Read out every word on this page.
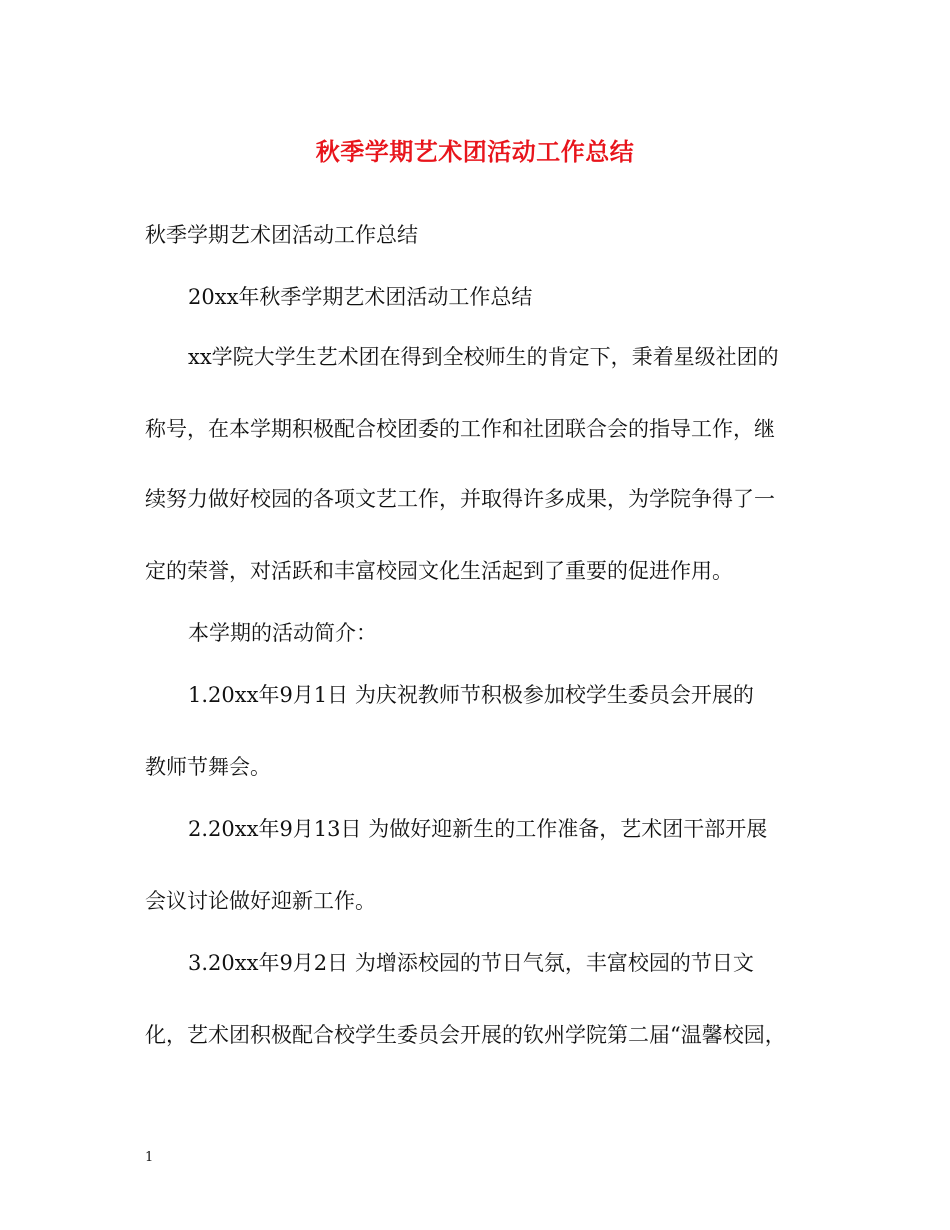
秋季学期艺术团活动工作总结
秋季学期艺术团活动工作总结
20xx年秋季学期艺术团活动工作总结
xx学院大学生艺术团在得到全校师生的肯定下，秉着星级社团的
称号，在本学期积极配合校团委的工作和社团联合会的指导工作，继
续努力做好校园的各项文艺工作，并取得许多成果，为学院争得了一
定的荣誉，对活跃和丰富校园文化生活起到了重要的促进作用。
本学期的活动简介：
1.20xx年9月1日 为庆祝教师节积极参加校学生委员会开展的
教师节舞会。
2.20xx年9月13日 为做好迎新生的工作准备，艺术团干部开展
会议讨论做好迎新工作。
3.20xx年9月2日 为增添校园的节日气氛，丰富校园的节日文
化，艺术团积极配合校学生委员会开展的钦州学院第二届“温馨校园，
1
